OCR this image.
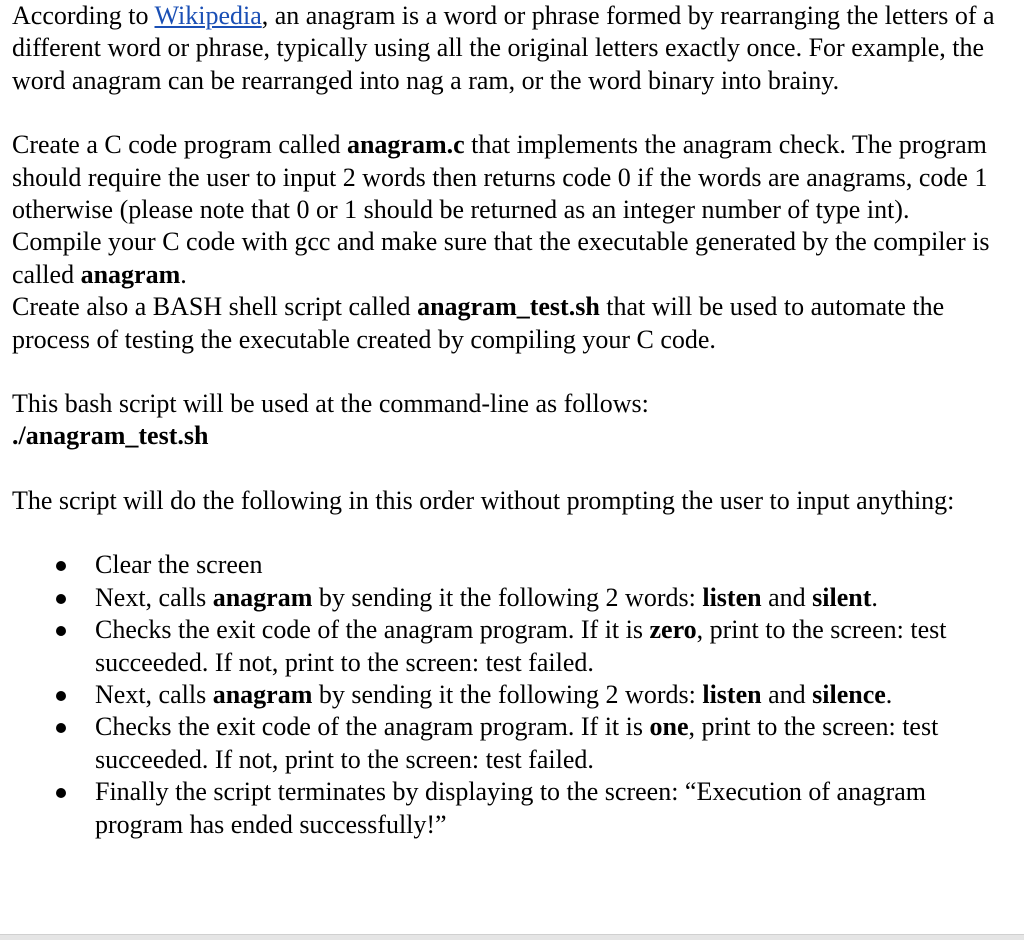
According to Wikipedia, an anagram is a word or phrase formed by rearranging the letters of a different word or phrase, typically using all the original letters exactly once. For example, the word anagram can be rearranged into nag a ram, or the word binary into brainy.

Create a C code program called anagram.c that implements the anagram check. The program should require the user to input 2 words then returns code 0 if the words are anagrams, code 1 otherwise (please note that 0 or 1 should be returned as an integer number of type int).

Compile your C code with gcc and make sure that the executable generated by the compiler is called anagram.

Create also a BASH shell script called anagram_test.sh that will be used to automate the process of testing the executable created by compiling your C code.

This bash script will be used at the command-line as follows:

./anagram_test.sh

The script will do the following in this order without prompting the user to input anything:

Clear the screen
Next, calls anagram by sending it the following 2 words: listen and silent.
Checks the exit code of the anagram program. If it is zero, print to the screen: test succeeded. If not, print to the screen: test failed.
Next, calls anagram by sending it the following 2 words: listen and silence.
Checks the exit code of the anagram program. If it is one, print to the screen: test succeeded. If not, print to the screen: test failed.
Finally the script terminates by displaying to the screen: “Execution of anagram program has ended successfully!”
